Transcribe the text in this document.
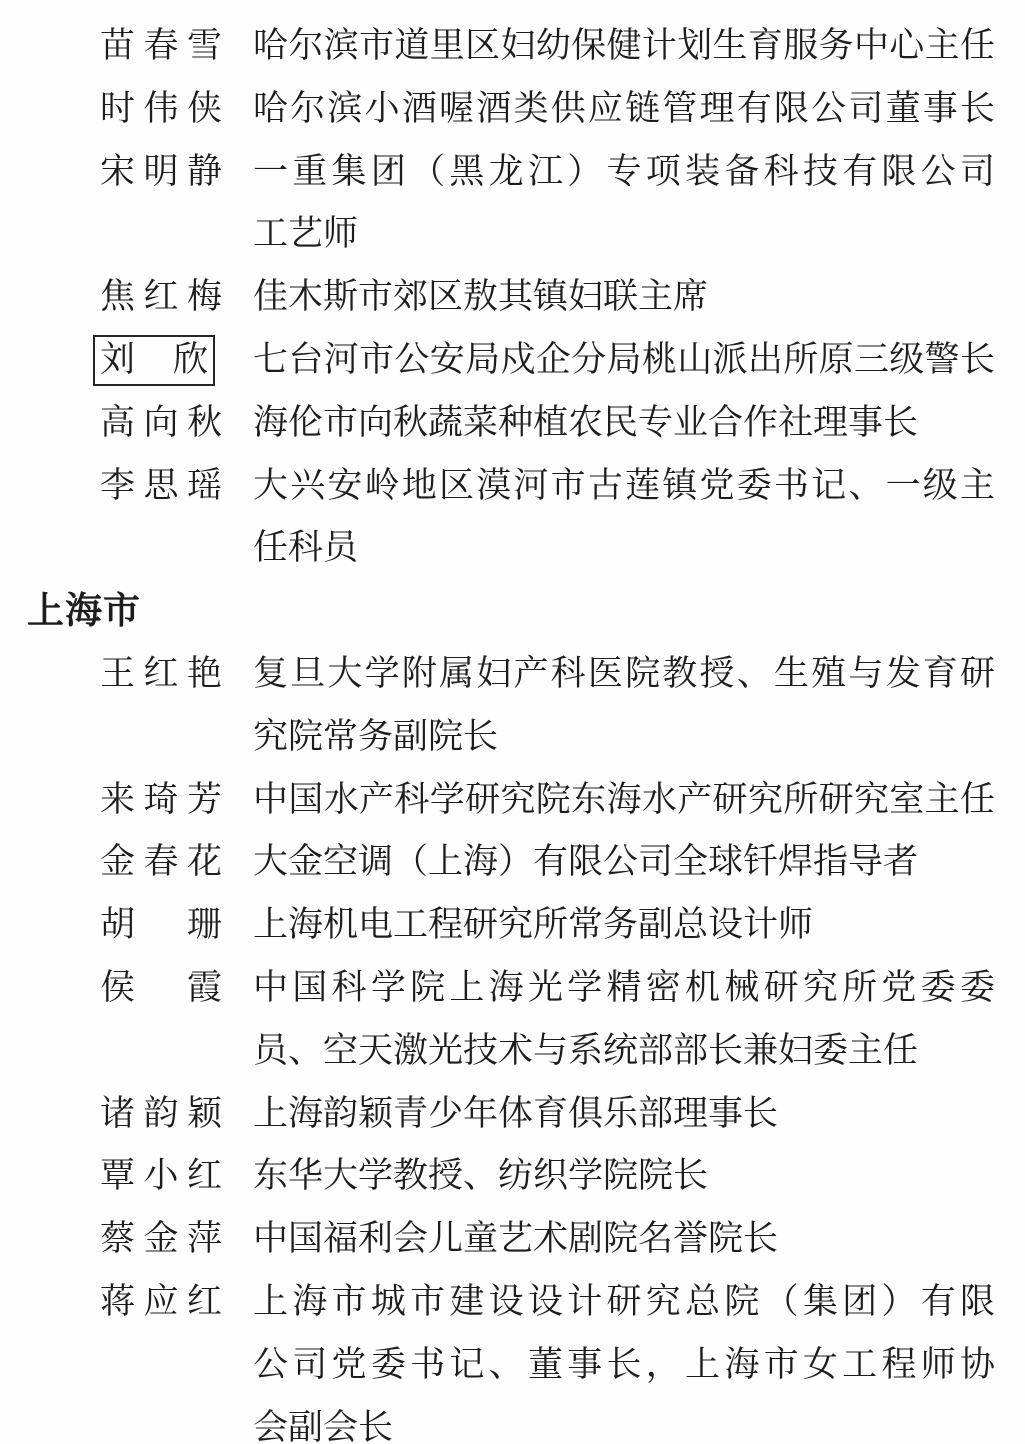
苗春雪 哈尔滨市道里区妇幼保健计划生育服务中心主任
时伟侠 哈尔滨小酒喔酒类供应链管理有限公司董事长
宋明静 一重集团（黑龙江）专项装备科技有限公司
工艺师
焦红梅 佳木斯市郊区敖其镇妇联主席
刘　欣	七台河市公安局戍企分局桃山派出所原三级警长
高向秋 海伦市向秋蔬菜种植农民专业合作社理事长
李思瑶 大兴安岭地区漠河市古莲镇党委书记、一级主
任科员
上海市
王红艳 复旦大学附属妇产科医院教授、生殖与发育研
究院常务副院长
来琦芳 中国水产科学研究院东海水产研究所研究室主任
金春花 大金空调（上海）有限公司全球钎焊指导者
胡　珊 上海机电工程研究所常务副总设计师
侯　霞 中国科学院上海光学精密机械研究所党委委
员、空天激光技术与系统部部长兼妇委主任
诸韵颖 上海韵颖青少年体育俱乐部理事长
覃小红 东华大学教授、纺织学院院长
蔡金萍 中国福利会儿童艺术剧院名誉院长
蒋应红 上海市城市建设设计研究总院（集团）有限
公司党委书记、董事长，上海市女工程师协
会副会长
